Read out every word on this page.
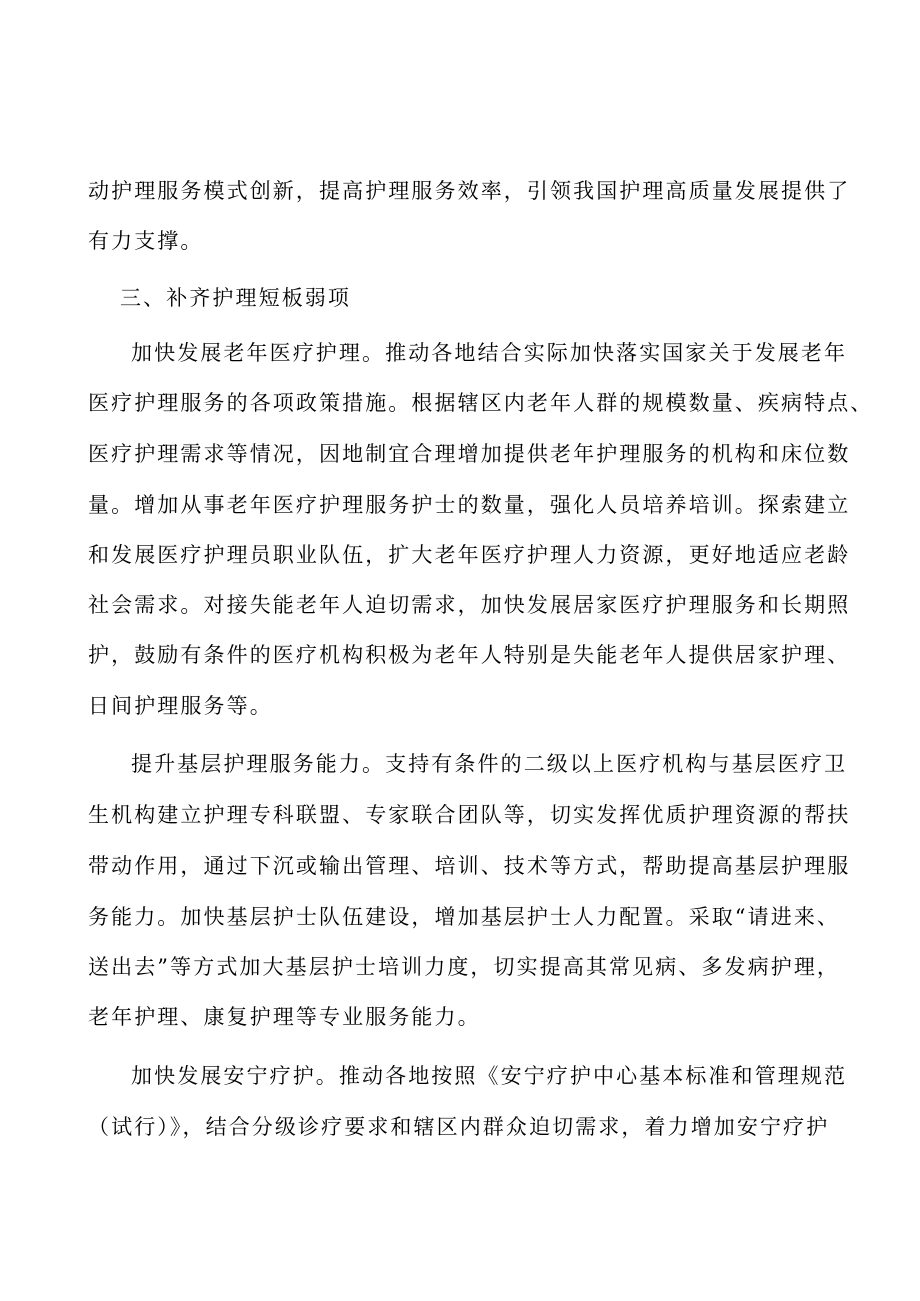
动护理服务模式创新，提高护理服务效率，引领我国护理高质量发展提供了
有力支撑。
三、补齐护理短板弱项
加快发展老年医疗护理。推动各地结合实际加快落实国家关于发展老年
医疗护理服务的各项政策措施。根据辖区内老年人群的规模数量、疾病特点、
医疗护理需求等情况，因地制宜合理增加提供老年护理服务的机构和床位数
量。增加从事老年医疗护理服务护士的数量，强化人员培养培训。探索建立
和发展医疗护理员职业队伍，扩大老年医疗护理人力资源，更好地适应老龄
社会需求。对接失能老年人迫切需求，加快发展居家医疗护理服务和长期照
护，鼓励有条件的医疗机构积极为老年人特别是失能老年人提供居家护理、
日间护理服务等。
提升基层护理服务能力。支持有条件的二级以上医疗机构与基层医疗卫
生机构建立护理专科联盟、专家联合团队等，切实发挥优质护理资源的帮扶
带动作用，通过下沉或输出管理、培训、技术等方式，帮助提高基层护理服
务能力。加快基层护士队伍建设，增加基层护士人力配置。采取“请进来、
送出去”等方式加大基层护士培训力度，切实提高其常见病、多发病护理，
老年护理、康复护理等专业服务能力。
加快发展安宁疗护。推动各地按照《安宁疗护中心基本标准和管理规范
（试行）》，结合分级诊疗要求和辖区内群众迫切需求，着力增加安宁疗护
